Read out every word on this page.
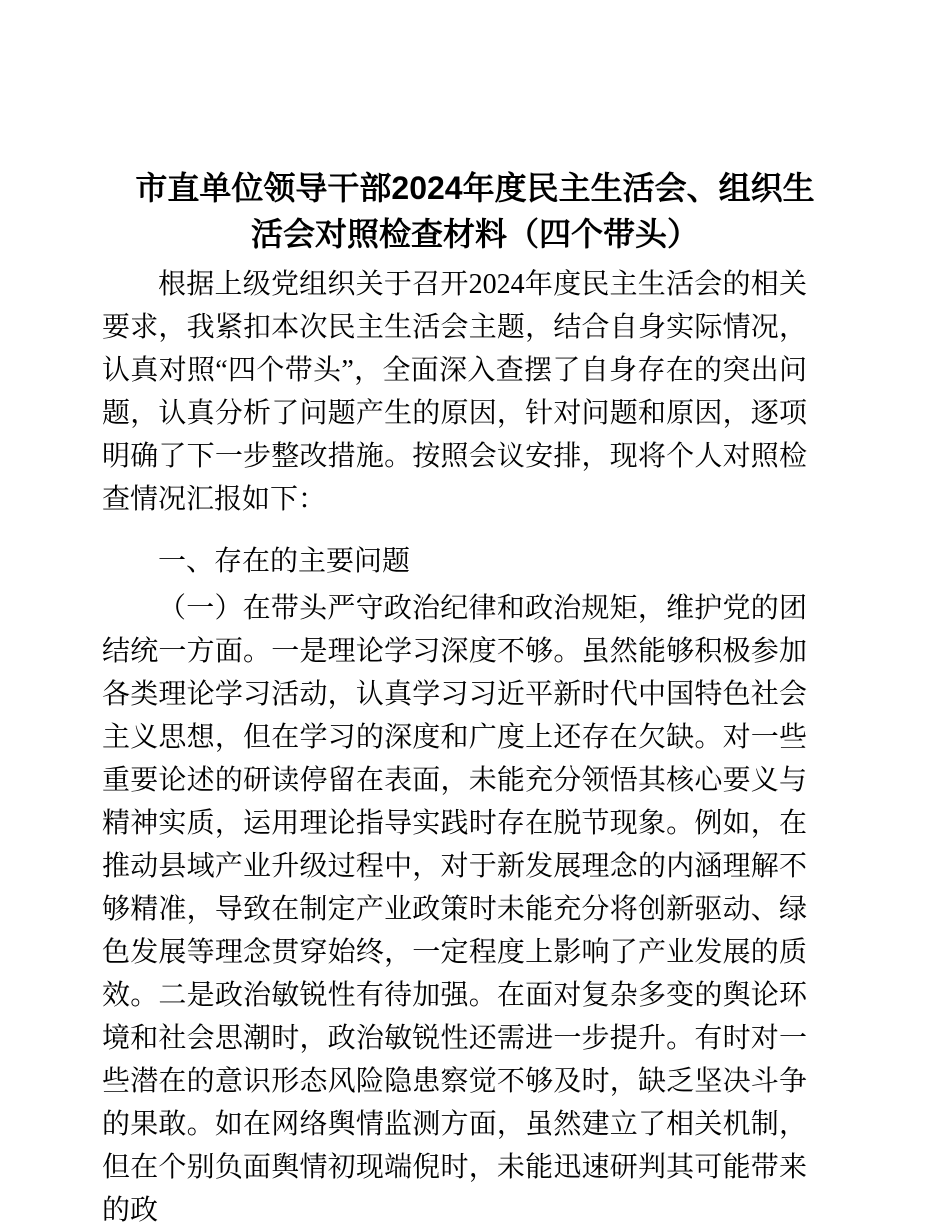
市直单位领导干部2024年度民主生活会、组织生活会对照检查材料（四个带头）

根据上级党组织关于召开2024年度民主生活会的相关要求，我紧扣本次民主生活会主题，结合自身实际情况，认真对照“四个带头”，全面深入查摆了自身存在的突出问题，认真分析了问题产生的原因，针对问题和原因，逐项明确了下一步整改措施。按照会议安排，现将个人对照检查情况汇报如下：

一、存在的主要问题

（一）在带头严守政治纪律和政治规矩，维护党的团结统一方面。一是理论学习深度不够。虽然能够积极参加各类理论学习活动，认真学习习近平新时代中国特色社会主义思想，但在学习的深度和广度上还存在欠缺。对一些重要论述的研读停留在表面，未能充分领悟其核心要义与精神实质，运用理论指导实践时存在脱节现象。例如，在推动县域产业升级过程中，对于新发展理念的内涵理解不够精准，导致在制定产业政策时未能充分将创新驱动、绿色发展等理念贯穿始终，一定程度上影响了产业发展的质效。二是政治敏锐性有待加强。在面对复杂多变的舆论环境和社会思潮时，政治敏锐性还需进一步提升。有时对一些潜在的意识形态风险隐患察觉不够及时，缺乏坚决斗争的果敢。如在网络舆情监测方面，虽然建立了相关机制，但在个别负面舆情初现端倪时，未能迅速研判其可能带来的政
